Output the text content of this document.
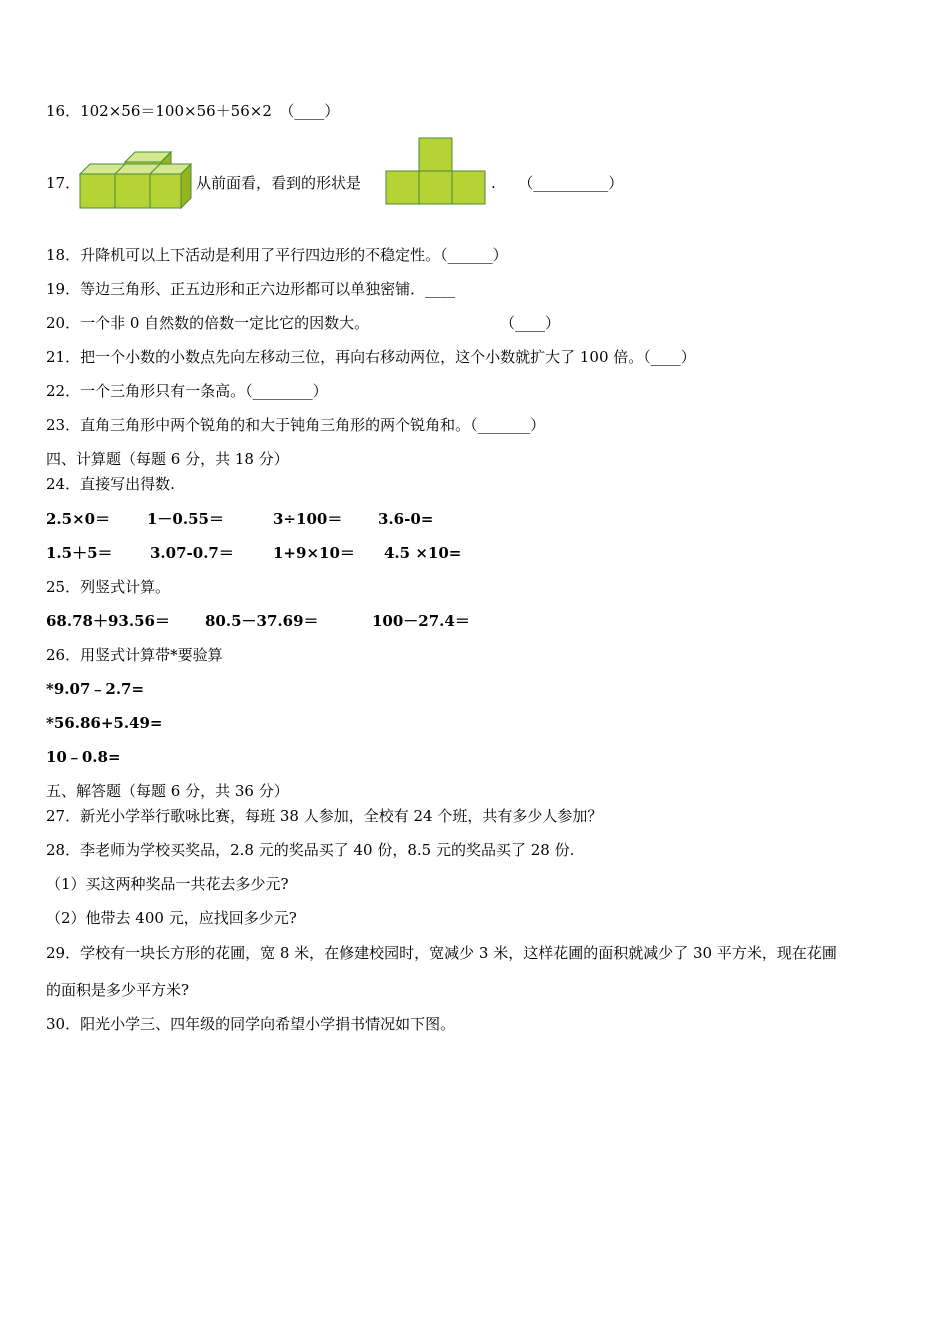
16．102×56＝100×56＋56×2　（____）
17．	从前面看，看到的形状是	.　　（__________）
18．升降机可以上下活动是利用了平行四边形的不稳定性。（______）
19．等边三角形、正五边形和正六边形都可以单独密铺．____
20．一个非 0 自然数的倍数一定比它的因数大。	（____）
21．把一个小数的小数点先向左移动三位，再向右移动两位，这个小数就扩大了 100 倍。（____）
22．一个三角形只有一条高。（________）
23．直角三角形中两个锐角的和大于钝角三角形的两个锐角和。（_______）
四、计算题（每题 6 分，共 18 分）
24．直接写出得数.
2.5×0＝ 1－0.55＝	3÷100＝ 3.6-0=
1.5＋5＝ 3.07-0.7＝	1+9×10＝ 4.5 ×10=
25．列竖式计算。
68.78＋93.56＝ 80.5－37.69＝	100－27.4＝
26．用竖式计算带*要验算
*9.07﹣2.7=
*56.86+5.49=
10﹣0.8=
五、解答题（每题 6 分，共 36 分）
27．新光小学举行歌咏比赛，每班 38 人参加，全校有 24 个班，共有多少人参加？
28．李老师为学校买奖品，2.8 元的奖品买了 40 份，8.5 元的奖品买了 28 份.
（1）买这两种奖品一共花去多少元?
（2）他带去 400 元，应找回多少元?
29．学校有一块长方形的花圃，宽 8 米，在修建校园时，宽减少 3 米，这样花圃的面积就减少了 30 平方米，现在花圃
的面积是多少平方米?
30．阳光小学三、四年级的同学向希望小学捐书情况如下图。
